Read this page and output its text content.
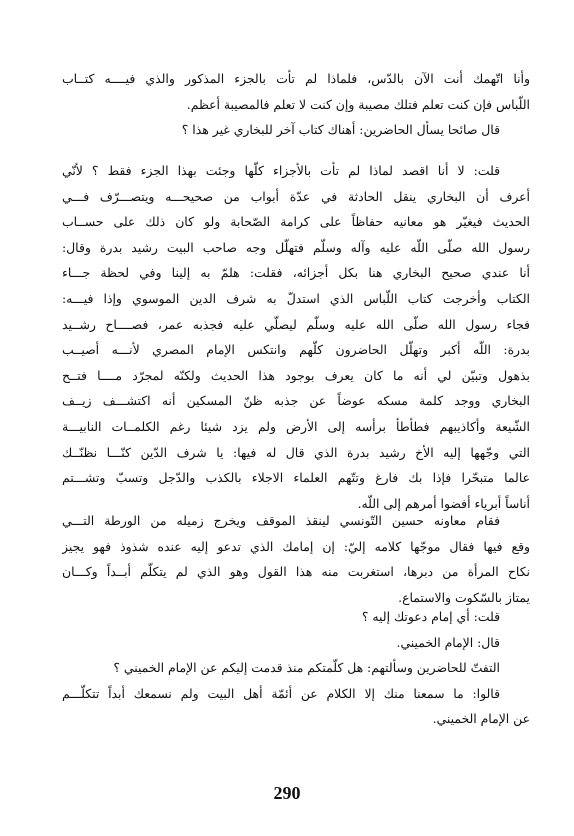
وأنا اتّهمك أنت الآن بالدّس، فلماذا لم تأت بالجزء المذكور والذي فيــــه كتــاب
اللّباس فإن كنت تعلم فتلك مصيبة وإن كنت لا تعلم فالمصيبة أعظم.
قال صائحا يسأل الحاضرين: أهناك كتاب آخر للبخاري غير هذا ؟
قلت: لا أنا اقصد لماذا لم تأت بالأجزاء كلّها وجئت بهذا الجزء فقط ؟ لأنّي
أعرف أن البخاري ينقل الحادثة في عدّة أبواب من صحيحـــه ويتصـــرّف فـــي
الحديث فيغيّر هو معانيه حفاظاً على كرامة الصّحابة ولو كان ذلك على حســاب
رسول الله صلّى اللّه عليه وآله وسلّم فتهلّل وجه صاحب البيت رشيد بدرة وقال:
أنا عندي صحيح البخاري هنا بكل أجزائه، فقلت: هلمّ به إلينا وفي لحظة جـــاء
الكتاب وأخرجت كتاب اللّباس الذي استدلّ به شرف الدين الموسوي وإذا فيـــه:
فجاء رسول الله صلّى الله عليه وسلّم ليصلّي عليه فجذبه عمر، فصــــاح رشــيد
بدرة: اللّه أكبر وتهلّل الحاضرون كلّهم وانتكس الإمام المصري لأنـــه أصيــب
بذهول وتبيّن لي أنه ما كان يعرف بوجود هذا الحديث ولكنّه لمجرّد مــــا فتــح
البخاري ووجد كلمة مسكه عوضاً عن جذبه ظنّ المسكين أنه اكتشـــف زيــف
الشّيعة وأكاذيبهم فطأطأ برأسه إلى الأرض ولم يزد شيئا رغم الكلمــات النابيـــة
التي وجّهها إليه الأخ رشيد بدرة الذي قال له فيها: يا شرف الدّين كنّـــا نظنّــك
عالما متبحّرا فإذا بك فارغ وتتّهم العلماء الاجلاء بالكذب والدّجل وتسبّ وتشـــتم
أناساً أبرياء أفضوا أمرهم إلى اللّه.
فقام معاونه حسين التّونسي لينقذ الموقف ويخرج زميله من الورطة التـــي
وقع فيها فقال موجّها كلامه إليّ: إن إمامك الذي تدعو إليه عنده شذوذ فهو يجيز
نكاح المرأة من دبرها، استغربت منه هذا القول وهو الذي لم يتكلّم أبــداً وكـــان
يمتاز بالسّكوت والاستماع.
قلت: أي إمام دعوتك إليه ؟
قال: الإمام الخميني.
التفتّ للحاضرين وسألتهم: هل كلّمتكم منذ قدمت إليكم عن الإمام الخميني ؟
قالوا: ما سمعنا منك إلا الكلام عن أئمّة أهل البيت ولم نسمعك أبداً تتكلّـــم
عن الإمام الخميني.
290
